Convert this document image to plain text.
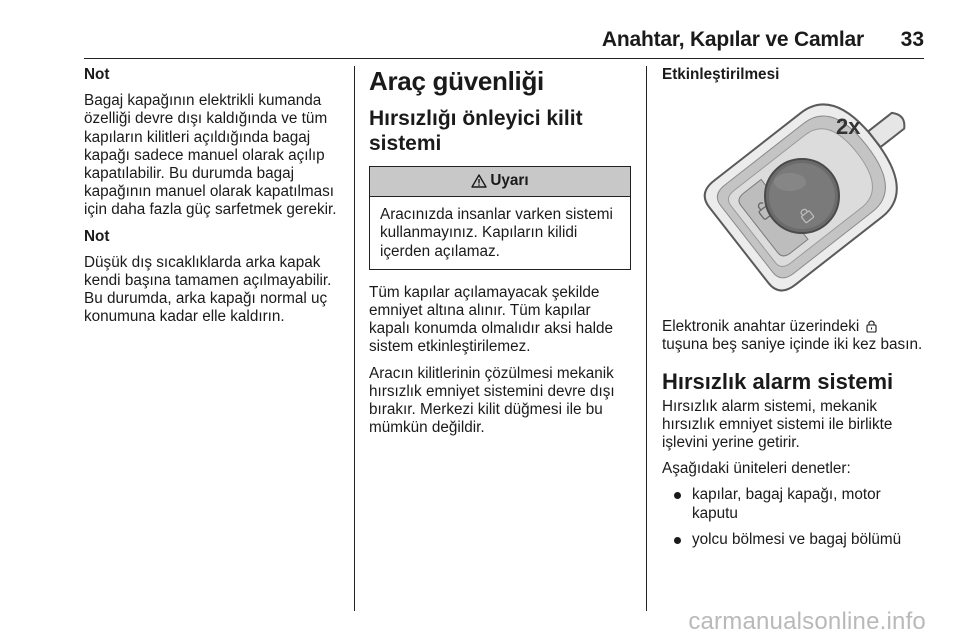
Anahtar, Kapılar ve Camlar 33

Not

Bagaj kapağının elektrikli kumanda özelliği devre dışı kaldığında ve tüm kapıların kilitleri açıldığında bagaj kapağı sadece manuel olarak açılıp kapatılabilir. Bu durumda bagaj kapağının manuel olarak kapatılması için daha fazla güç sarfetmek gerekir.

Not

Düşük dış sıcaklıklarda arka kapak kendi başına tamamen açılmayabilir. Bu durumda, arka kapağı normal uç konumuna kadar elle kaldırın.

Araç güvenliği
Hırsızlığı önleyici kilit sistemi
Uyarı
Aracınızda insanlar varken sistemi kullanmayınız. Kapıların kilidi içerden açılamaz.

Tüm kapılar açılamayacak şekilde emniyet altına alınır. Tüm kapılar kapalı konumda olmalıdır aksi halde sistem etkinleştirilemez.

Aracın kilitlerinin çözülmesi mekanik hırsızlık emniyet sistemini devre dışı bırakır. Merkezi kilit düğmesi ile bu mümkün değildir.

Etkinleştirilmesi

2x

Elektronik anahtar üzerindeki  tuşuna beş saniye içinde iki kez basın.

Hırsızlık alarm sistemi

Hırsızlık alarm sistemi, mekanik hırsızlık emniyet sistemi ile birlikte işlevini yerine getirir.

Aşağıdaki üniteleri denetler:

kapılar, bagaj kapağı, motor kaputu
yolcu bölmesi ve bagaj bölümü
carmanualsonline.info
